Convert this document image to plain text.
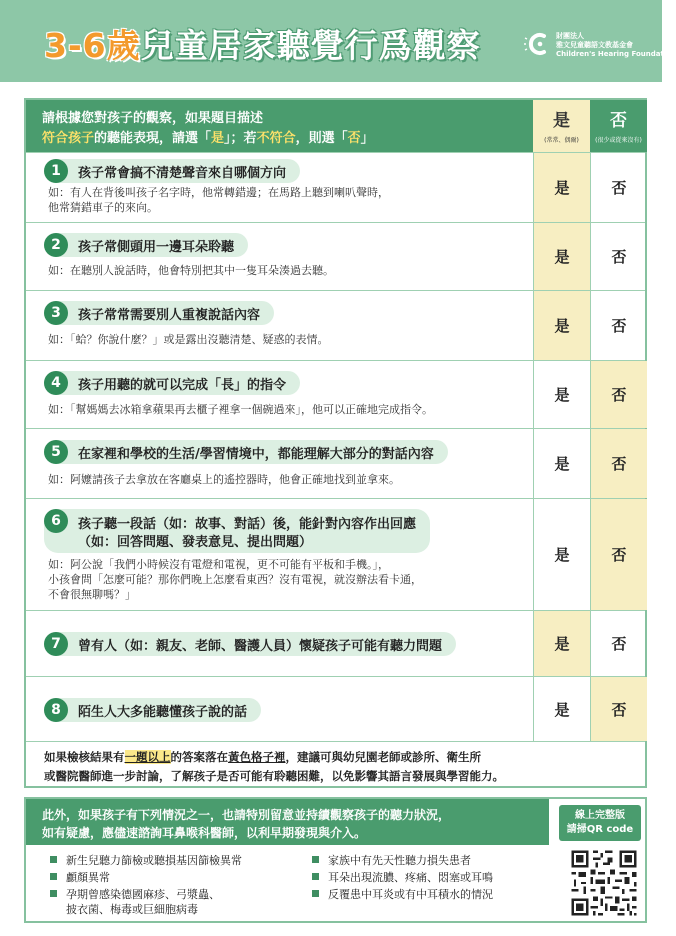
3-6歲兒童居家聽覺行爲觀察	財團法人
雅文兒童聽語文教基金會
Children's Hearing Foundation
請根據您對孩子的觀察，如果題目描述
符合孩子的聽能表現，請選「是」；若不符合，則選「否」
是
(常常、偶爾)
否
(很少或從來沒有)
1	孩子常會搞不清楚聲音來自哪個方向
如：有人在背後叫孩子名字時，他常轉錯邊；在馬路上聽到喇叭聲時，
他常猜錯車子的來向。
是	否
2	孩子常側頭用一邊耳朵聆聽
如：在聽別人說話時，他會特別把其中一隻耳朵湊過去聽。
是	否
3	孩子常常需要別人重複說話內容
如：「蛤？你說什麼？」或是露出沒聽清楚、疑惑的表情。
是	否
4	孩子用聽的就可以完成「長」的指令
如：「幫媽媽去冰箱拿蘋果再去櫃子裡拿一個碗過來」，他可以正確地完成指令。
是	否
5	在家裡和學校的生活/學習情境中，都能理解大部分的對話內容
如：阿嬤請孩子去拿放在客廳桌上的遙控器時，他會正確地找到並拿來。
是	否
6	孩子聽一段話（如：故事、對話）後，能針對內容作出回應
（如：回答問題、發表意見、提出問題）
如：阿公說「我們小時候沒有電燈和電視，更不可能有平板和手機。」，
小孩會問「怎麼可能？那你們晚上怎麼看東西？沒有電視，就沒辦法看卡通，
不會很無聊嗎？」
是	否
7	曾有人（如：親友、老師、醫護人員）懷疑孩子可能有聽力問題	是	否
8	陌生人大多能聽懂孩子說的話	是	否
如果檢核結果有一題以上的答案落在黃色格子裡，建議可與幼兒園老師或診所、衛生所
或醫院醫師進一步討論，了解孩子是否可能有聆聽困難，以免影響其語言發展與學習能力。
此外，如果孩子有下列情況之一，也請特別留意並持續觀察孩子的聽力狀況，
如有疑慮，應儘速諮詢耳鼻喉科醫師，以利早期發現與介入。
線上完整版
請掃QR code
新生兒聽力篩檢或聽損基因篩檢異常
顱顏異常
孕期曾感染德國麻疹、弓漿蟲、
披衣菌、梅毒或巨細胞病毒
家族中有先天性聽力損失患者
耳朵出現流膿、疼痛、悶塞或耳鳴
反覆患中耳炎或有中耳積水的情況
